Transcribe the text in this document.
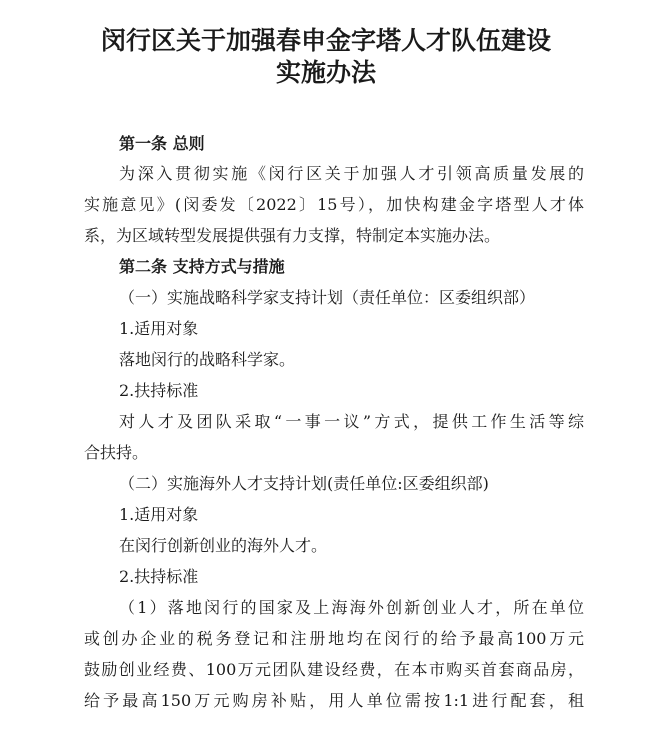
闵行区关于加强春申金字塔人才队伍建设
实施办法

第一条 总则

为深入贯彻实施《闵行区关于加强人才引领高质量发展的

实施意见》(闵委发〔2022〕15号），加快构建金字塔型人才体

系，为区域转型发展提供强有力支撑，特制定本实施办法。

第二条 支持方式与措施

（一）实施战略科学家支持计划（责任单位：区委组织部）

1.适用对象

落地闵行的战略科学家。

2.扶持标准

对人才及团队采取“一事一议”方式，提供工作生活等综

合扶持。

（二）实施海外人才支持计划(责任单位:区委组织部)

1.适用对象

在闵行创新创业的海外人才。

2.扶持标准

（1）落地闵行的国家及上海海外创新创业人才，所在单位

或创办企业的税务登记和注册地均在闵行的给予最高100万元

鼓励创业经费、100万元团队建设经费，在本市购买首套商品房，

给予最高150万元购房补贴，用人单位需按1:1进行配套，租
